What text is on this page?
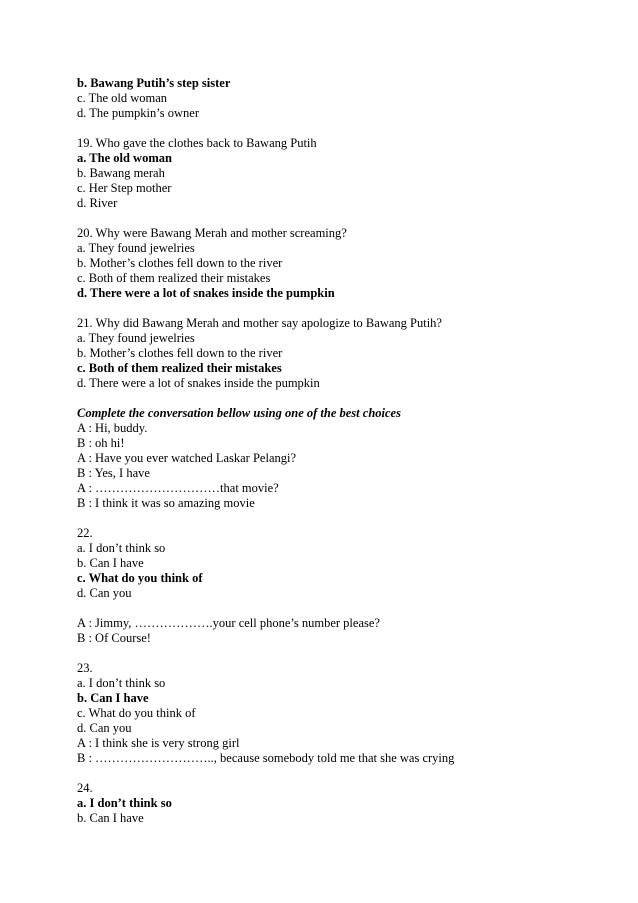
b. Bawang Putih’s step sister
c. The old woman
d. The pumpkin’s owner
19. Who gave the clothes back to Bawang Putih
a. The old woman
b. Bawang merah
c. Her Step mother
d. River
20. Why were Bawang Merah and mother screaming?
a. They found jewelries
b. Mother’s clothes fell down to the river
c. Both of them realized their mistakes
d. There were a lot of snakes inside the pumpkin
21. Why did Bawang Merah and mother say apologize to Bawang Putih?
a. They found jewelries
b. Mother’s clothes fell down to the river
c. Both of them realized their mistakes
d. There were a lot of snakes inside the pumpkin
Complete the conversation bellow using one of the best choices
A : Hi, buddy.
B : oh hi!
A : Have you ever watched Laskar Pelangi?
B : Yes, I have
A : …………………………that movie?
B : I think it was so amazing movie
22.
a. I don’t think so
b. Can I have
c. What do you think of
d. Can you
A : Jimmy, ……………….your cell phone’s number please?
B : Of Course!
23.
a. I don’t think so
b. Can I have
c. What do you think of
d. Can you
A : I think she is very strong girl
B : ……………………….., because somebody told me that she was crying
24.
a. I don’t think so
b. Can I have
